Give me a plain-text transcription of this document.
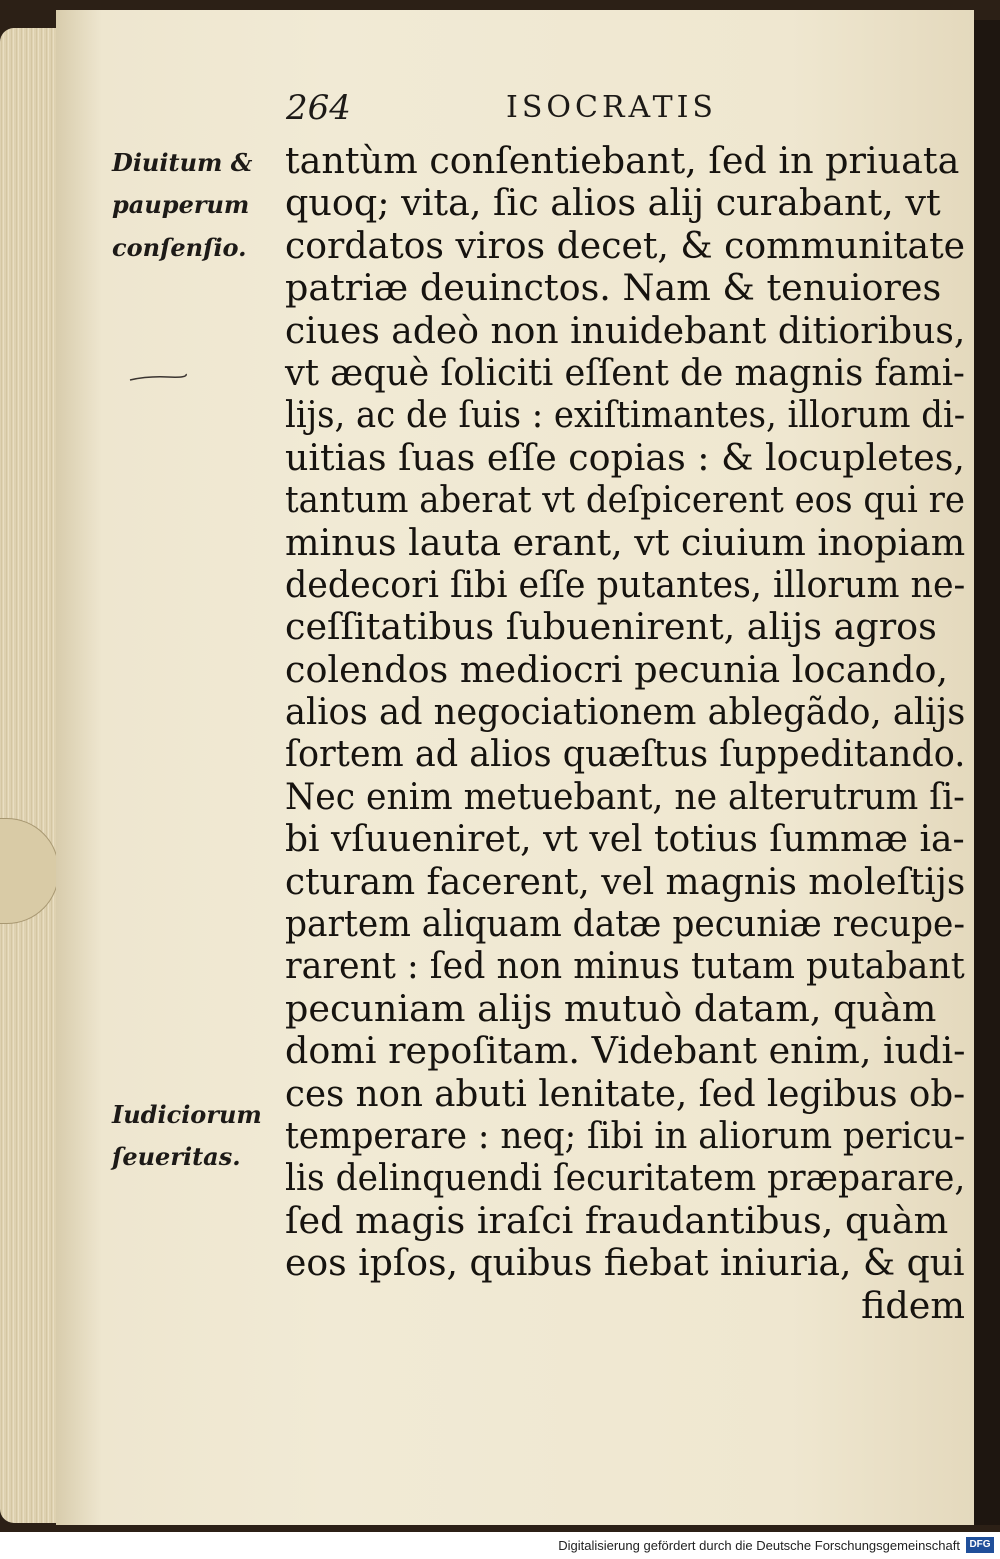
264	ISOCRATIS
Diuitum &
pauperum
conſenſio.
Iudiciorum
ſeueritas.
tantùm conſentiebant, ſed in priuata
quoq; vita, ſic alios alij curabant, vt
cordatos viros decet, & communitate
patriæ deuinctos. Nam & tenuiores
ciues adeò non inuidebant ditioribus,
vt æquè ſoliciti eſſent de magnis fami-
lijs, ac de ſuis : exiſtimantes, illorum di-
uitias ſuas eſſe copias : & locupletes,
tantum aberat vt deſpicerent eos qui re
minus lauta erant, vt ciuium inopiam
dedecori ſibi eſſe putantes, illorum ne-
ceſſitatibus ſubuenirent, alijs agros
colendos mediocri pecunia locando,
alios ad negociationem ablegãdo, alijs
ſortem ad alios quæſtus ſuppeditando.
Nec enim metuebant, ne alterutrum ſi-
bi vſuueniret, vt vel totius ſummæ ia-
cturam facerent, vel magnis moleſtijs
partem aliquam datæ pecuniæ recupe-
rarent : ſed non minus tutam putabant
pecuniam alijs mutuò datam, quàm
domi repoſitam. Videbant enim, iudi-
ces non abuti lenitate, ſed legibus ob-
temperare : neq; ſibi in aliorum pericu-
lis delinquendi ſecuritatem præparare,
ſed magis iraſci fraudantibus, quàm
eos ipſos, quibus fiebat iniuria, & qui
fidem
Digitalisierung gefördert durch die Deutsche Forschungsgemeinschaft DFG
